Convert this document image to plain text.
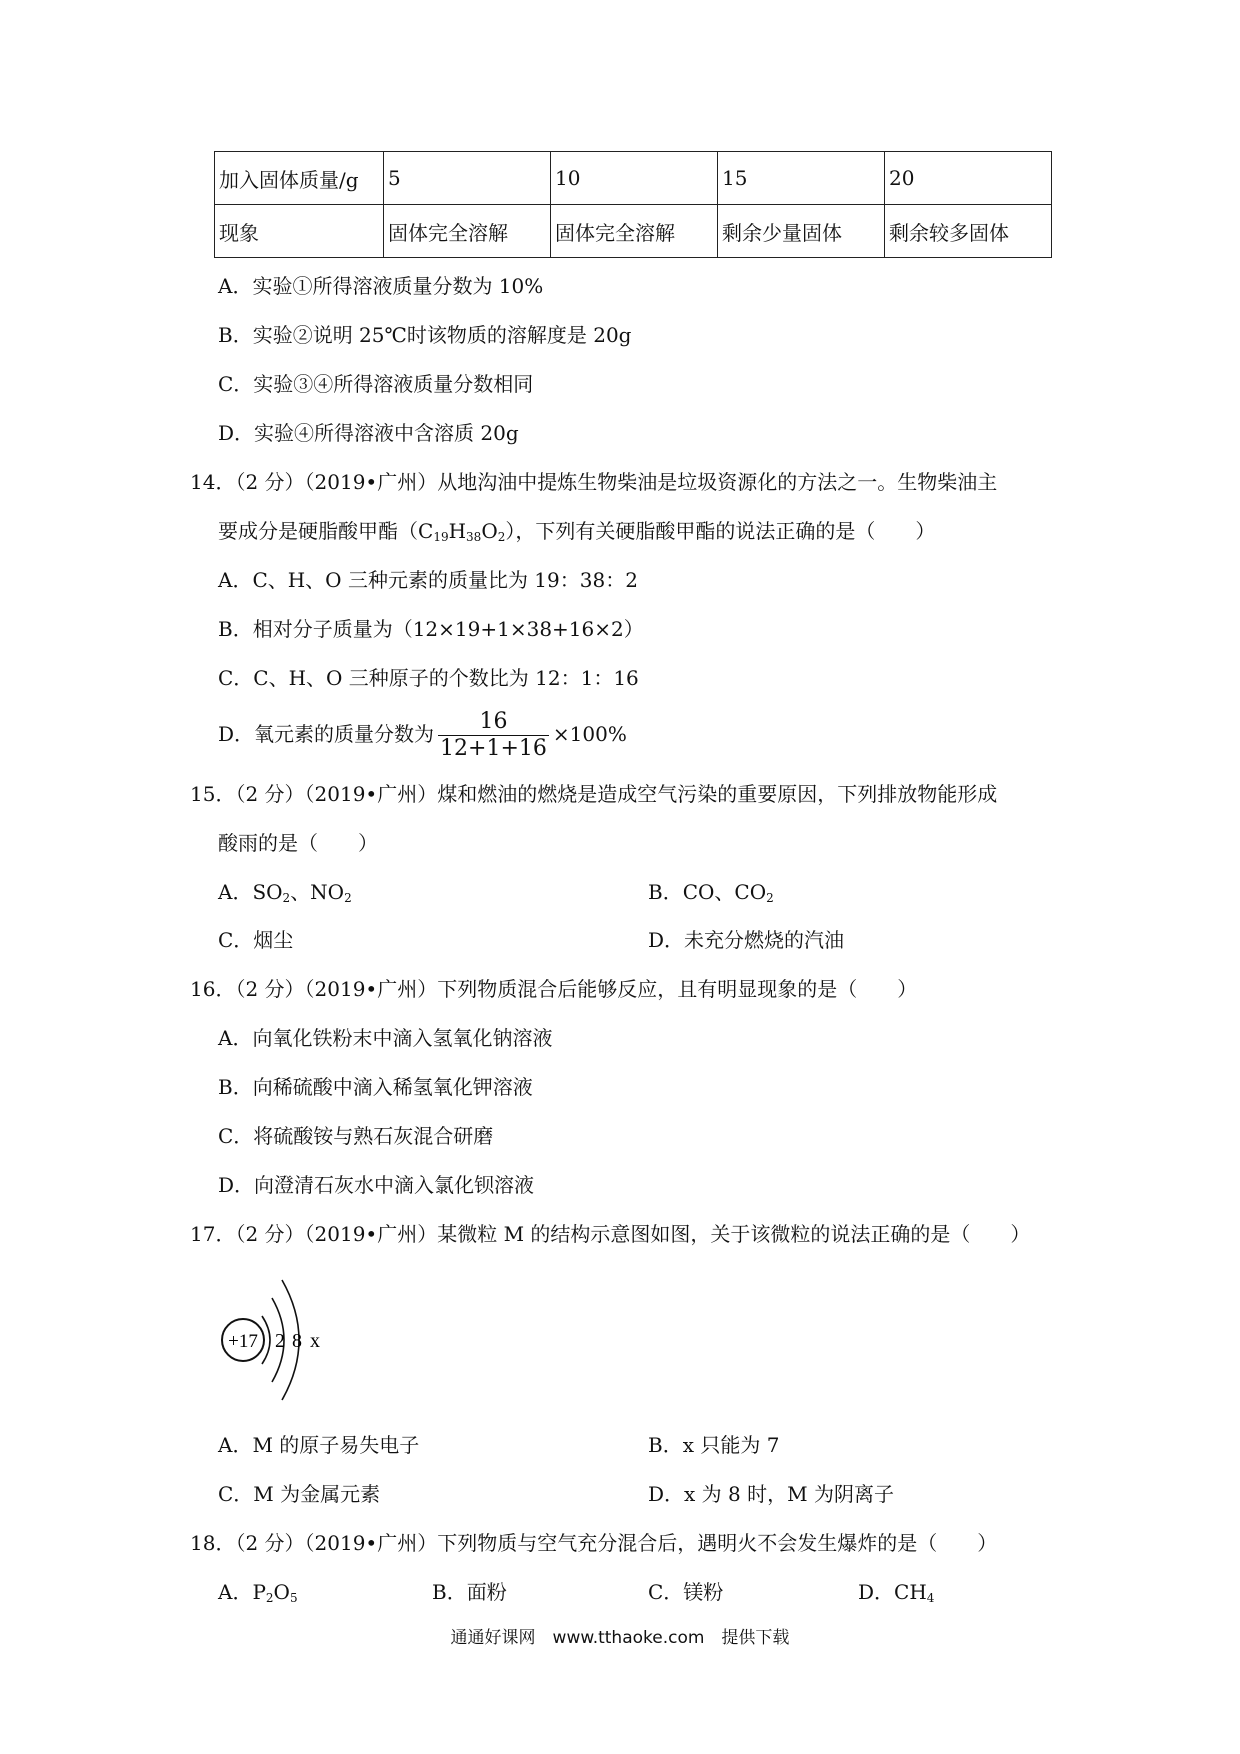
加入固体质量/g	5	10	15	20
现象	固体完全溶解	固体完全溶解	剩余少量固体	剩余较多固体
A．实验①所得溶液质量分数为 10%
B．实验②说明 25℃时该物质的溶解度是 20g
C．实验③④所得溶液质量分数相同
D．实验④所得溶液中含溶质 20g
14．（2 分）（2019•广州）从地沟油中提炼生物柴油是垃圾资源化的方法之一。生物柴油主
要成分是硬脂酸甲酯$(C_{19}H_{38}O_2)$，下列有关硬脂酸甲酯的说法正确的是（　　）
A．C、H、O 三种元素的质量比为 19：38：2
B．相对分子质量为（12×19+1×38+16×2）
C．C、H、O 三种原子的个数比为 12：1：16
D．氧元素的质量分数为 $\frac{16}{12+1+16} \times 100\%$
15．（2 分）（2019•广州）煤和燃油的燃烧是造成空气污染的重要原因，下列排放物能形成
酸雨的是（　　）
A．$SO_2$、$NO_2$	B．CO、$CO_2$
C．烟尘	D．未充分燃烧的汽油
16．（2 分）（2019•广州）下列物质混合后能够反应，且有明显现象的是（　　）
A．向氧化铁粉末中滴入氢氧化钠溶液
B．向稀硫酸中滴入稀氢氧化钾溶液
C．将硫酸铵与熟石灰混合研磨
D．向澄清石灰水中滴入氯化钡溶液
17．（2 分）（2019•广州）某微粒 M 的结构示意图如图，关于该微粒的说法正确的是（　　）
+17 2 8 x
A．M 的原子易失电子	B．x 只能为 7
C．M 为金属元素	D．x 为 8 时，M 为阴离子
18．（2 分）（2019•广州）下列物质与空气充分混合后，遇明火不会发生爆炸的是（　　）
A．$P_2O_5$	B．面粉	C．镁粉	D．$CH_4$
通通好课网　www.tthaoke.com　提供下载
